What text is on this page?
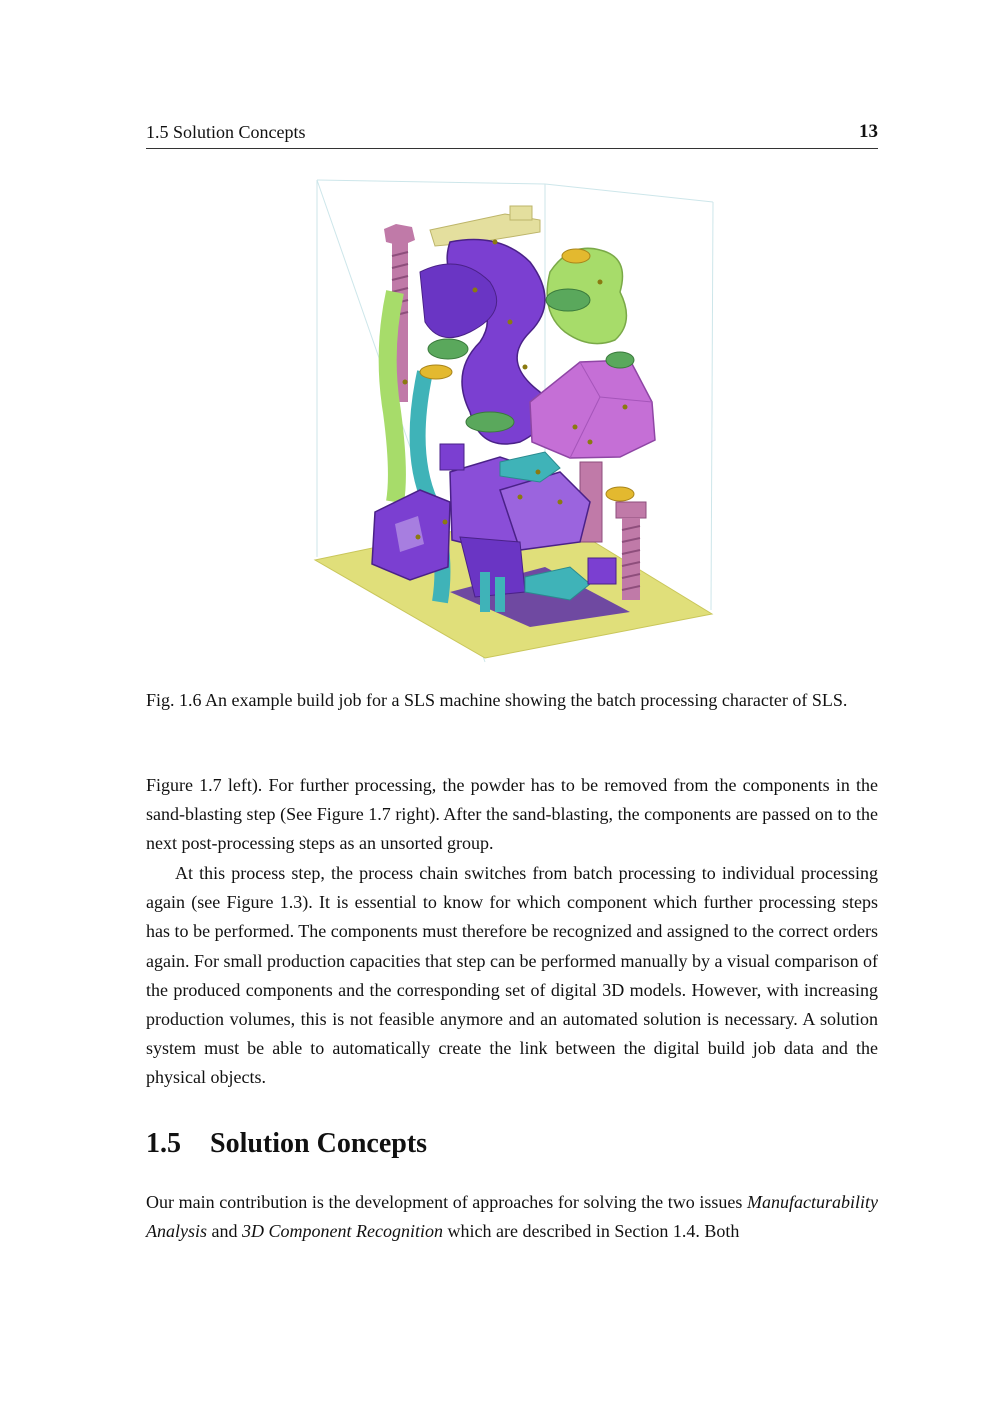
1.5 Solution Concepts	13
Fig. 1.6 An example build job for a SLS machine showing the batch processing character of SLS.

Figure 1.7 left). For further processing, the powder has to be removed from the components in the sand-blasting step (See Figure 1.7 right). After the sand-blasting, the components are passed on to the next post-processing steps as an unsorted group.

At this process step, the process chain switches from batch processing to individual processing again (see Figure 1.3). It is essential to know for which component which further processing steps has to be performed. The components must therefore be recognized and assigned to the correct orders again. For small production capacities that step can be performed manually by a visual comparison of the produced components and the corresponding set of digital 3D models. However, with increasing production volumes, this is not feasible anymore and an automated solution is necessary. A solution system must be able to automatically create the link between the digital build job data and the physical objects.

1.5 Solution Concepts

Our main contribution is the development of approaches for solving the two issues Manufacturability Analysis and 3D Component Recognition which are described in Section 1.4. Both
